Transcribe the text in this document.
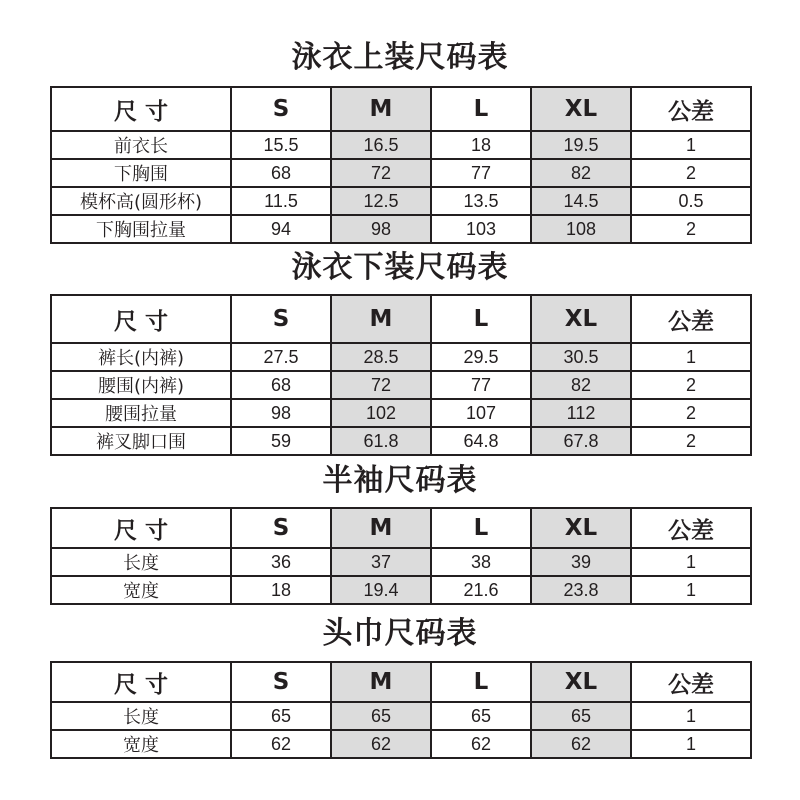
泳衣上装尺码表
尺 寸	S	M	L	XL	公差
前衣长	15.5	16.5	18	19.5	1
下胸围	68	72	77	82	2
模杯高(圆形杯)	11.5	12.5	13.5	14.5	0.5
下胸围拉量	94	98	103	108	2
泳衣下装尺码表
尺 寸	S	M	L	XL	公差
裤长(内裤)	27.5	28.5	29.5	30.5	1
腰围(内裤)	68	72	77	82	2
腰围拉量	98	102	107	112	2
裤叉脚口围	59	61.8	64.8	67.8	2
半袖尺码表
尺 寸	S	M	L	XL	公差
长度	36	37	38	39	1
宽度	18	19.4	21.6	23.8	1
头巾尺码表
尺 寸	S	M	L	XL	公差
长度	65	65	65	65	1
宽度	62	62	62	62	1
